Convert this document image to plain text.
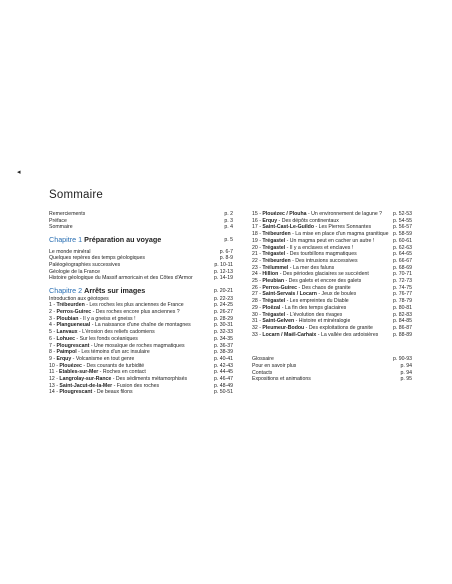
◂
Sommaire
Remerciements	p. 2
Préface	p. 3
Sommaire	p. 4
Chapitre 1 Préparation au voyage	p. 5
Le monde minéral	p. 6-7
Quelques repères des temps géologiques	p. 8-9
Paléogéographies successives	p. 10-11
Géologie de la France	p. 12-13
Histoire géologique du Massif armoricain et des Côtes d'Armor	p. 14-19
Chapitre 2 Arrêts sur images	p. 20-21
Introduction aux géotopes	p. 22-23
1 - Trébeurden - Les roches les plus anciennes de France	p. 24-25
2 - Perros-Guirec - Des roches encore plus anciennes ?	p. 26-27
3 - Ploubian - Il y a gneiss et gneiss !	p. 28-29
4 - Plangueneual - La naissance d'une chaîne de montagnes	p. 30-31
5 - Lanvaux - L'érosion des reliefs cadomiens	p. 32-33
6 - Lohuec - Sur les fonds océaniques	p. 34-35
7 - Plougrescant - Une mosaïque de roches magmatiques	p. 36-37
8 - Paimpol - Les témoins d'un arc insulaire	p. 38-39
9 - Erquy - Volcanisme en tout genre	p. 40-41
10 - Plouézec - Des courants de turbidité	p. 42-43
11 - Étables-sur-Mer - Roches en contact	p. 44-45
12 - Langrolay-sur-Rance - Des sédiments métamorphisés	p. 46-47
13 - Saint-Jacut-de-la-Mer - Fusion des roches	p. 48-49
14 - Plougrescant - De beaux filons	p. 50-51
15 - Plouézec / Plouha - Un environnement de lagune ? p. 52-53
16 - Erquy - Des dépôts continentaux	p. 54-55
17 - Saint-Cast-Le-Guildo - Les Pierres Sonnantes	p. 56-57
18 - Trébeurden - La mise en place d'un magma granitique p. 58-59
19 - Trégastel - Un magma peut en cacher un autre !	p. 60-61
20 - Trégastel - Il y a enclaves et enclaves !	p. 62-63
21 - Trégastel - Des tourbillons magmatiques	p. 64-65
22 - Trébeurden - Des intrusions successives	p. 66-67
23 - Trélummel - La mer des faluns	p. 68-69
24 - Hillion - Des périodes glaciaires se succèdent	p. 70-71
25 - Pleubian - Des galets et encore des galets	p. 72-73
26 - Perros-Guirec - Des chaos de granite	p. 74-75
27 - Saint-Servais / Locarn - Jeux de boules	p. 76-77
28 - Trégastel - Les empreintes du Diable	p. 78-79
29 - Ploëzal - La fin des temps glaciaires	p. 80-81
30 - Trégastel - L'évolution des rivages	p. 82-83
31 - Saint-Gelven - Histoire et minéralogie	p. 84-85
32 - Pleumeur-Bodou - Des exploitations de granite	p. 86-87
33 - Locarn / Maël-Carhaix - La vallée des ardoisières	p. 88-89
Glossaire	p. 90-93
Pour en savoir plus	p. 94
Contacts	p. 94
Expositions et animations	p. 95
